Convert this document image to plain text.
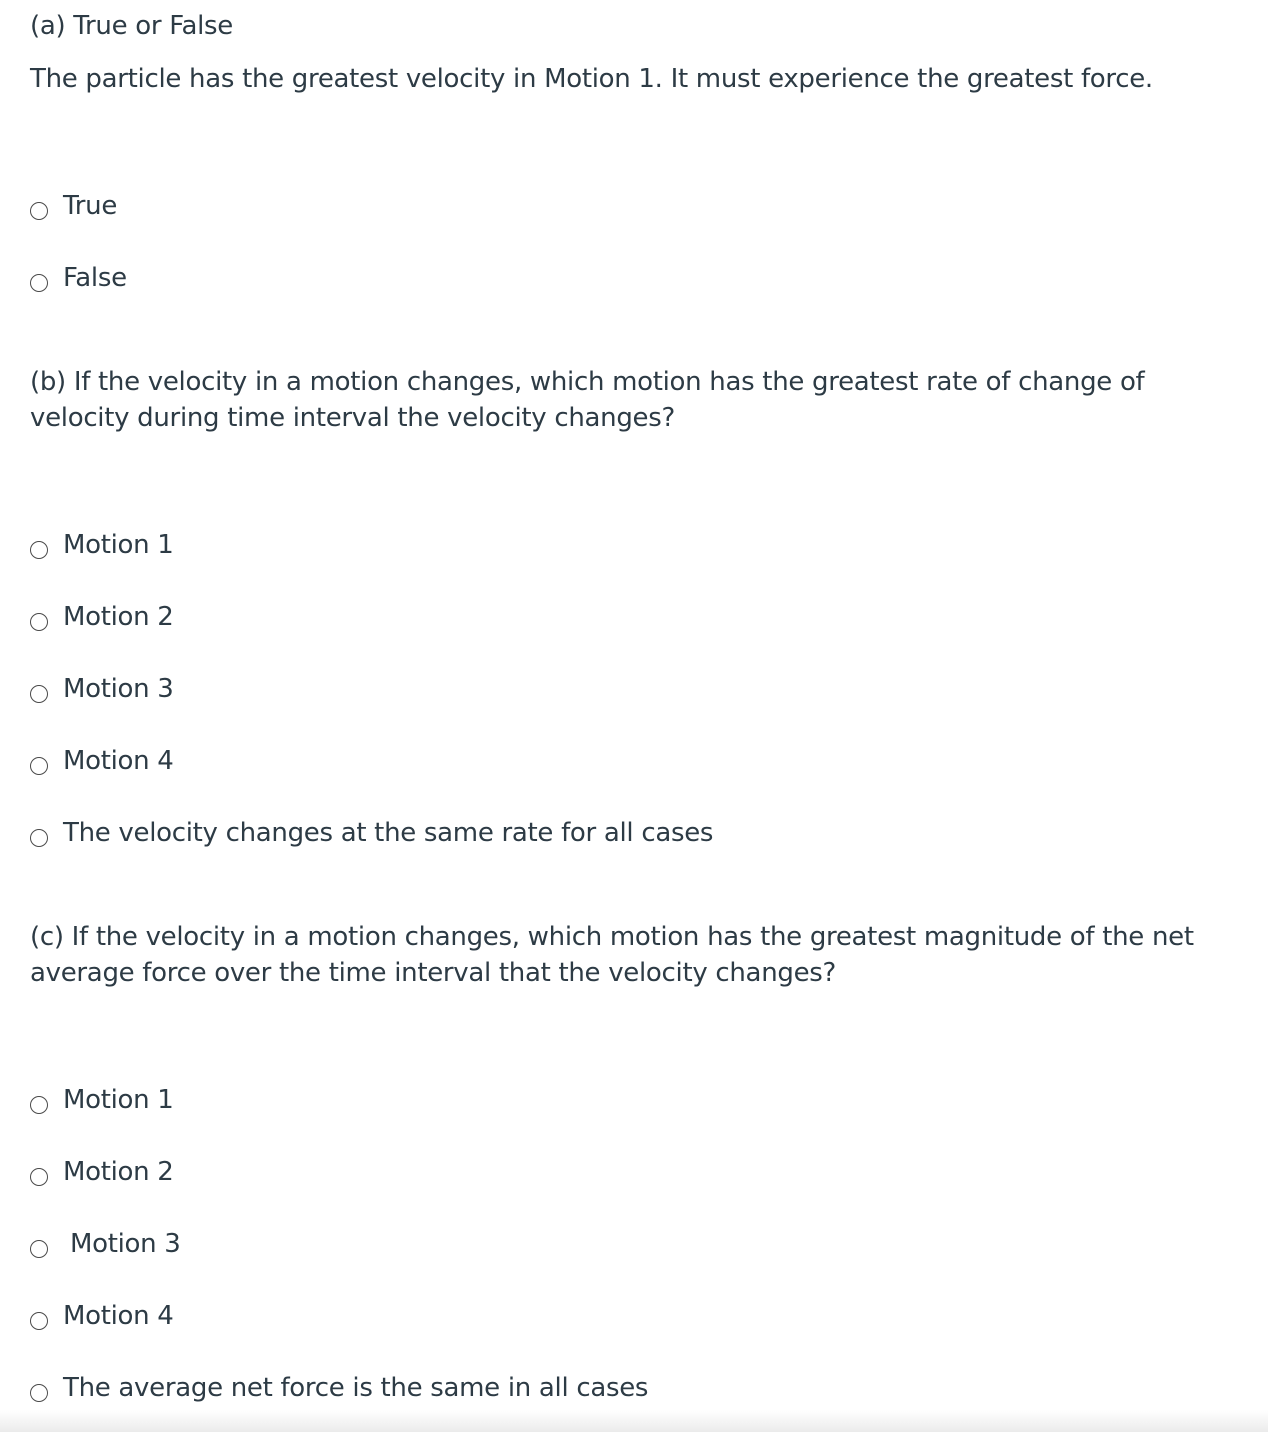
(a) True or False
The particle has the greatest velocity in Motion 1. It must experience the greatest force.
True
False
(b) If the velocity in a motion changes, which motion has the greatest rate of change of velocity during time interval the velocity changes?
Motion 1
Motion 2
Motion 3
Motion 4
The velocity changes at the same rate for all cases
(c) If the velocity in a motion changes, which motion has the greatest magnitude of the net average force over the time interval that the velocity changes?
Motion 1
Motion 2
Motion 3
Motion 4
The average net force is the same in all cases
